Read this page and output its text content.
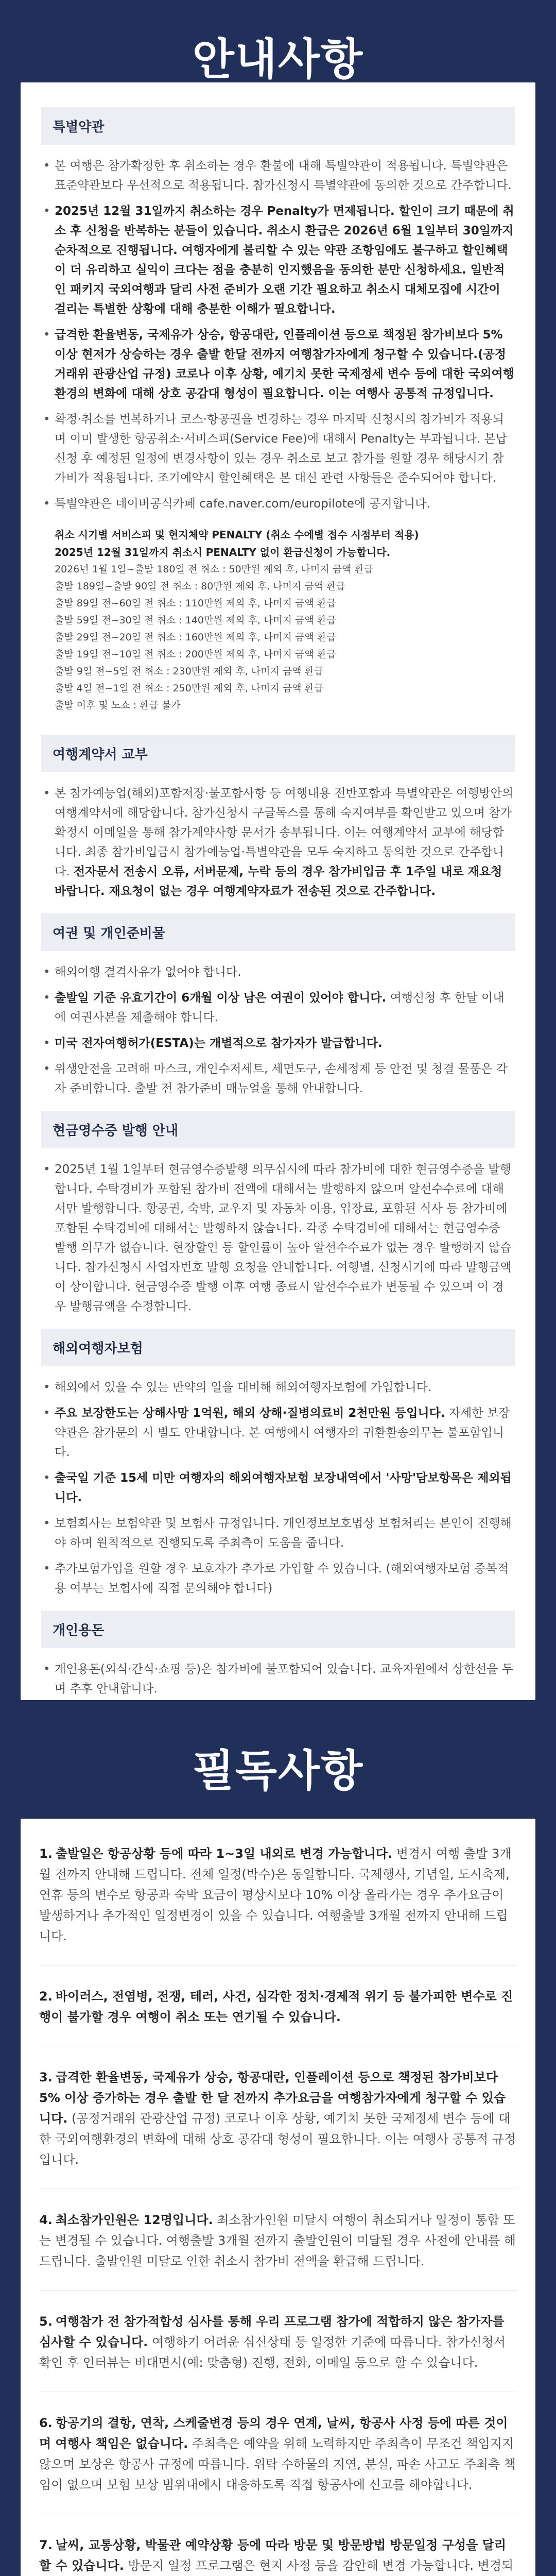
안내사항
특별약관
• 본 여행은 참가확정한 후 취소하는 경우 환불에 대해 특별약관이 적용됩니다. 특별약관은 표준약관보다 우선적으로 적용됩니다. 참가신청시 특별약관에 동의한 것으로 간주합니다.
• 2025년 12월 31일까지 취소하는 경우 Penalty가 면제됩니다. 할인이 크기 때문에 취소 후 신청을 반복하는 분들이 있습니다. 취소시 환급은 2026년 6월 1일부터 30일까지 순차적으로 진행됩니다. 여행자에게 불리할 수 있는 약관 조항임에도 불구하고 할인혜택이 더 유리하고 실익이 크다는 점을 충분히 인지했음을 동의한 분만 신청하세요. 일반적인 패키지 국외여행과 달리 사전 준비가 오랜 기간 필요하고 취소시 대체모집에 시간이 걸리는 특별한 상황에 대해 충분한 이해가 필요합니다.
• 급격한 환율변동, 국제유가 상승, 항공대란, 인플레이션 등으로 책정된 참가비보다 5% 이상 현저가 상승하는 경우 출발 한달 전까지 여행참가자에게 청구할 수 있습니다.(공정거래위 관광산업 규정) 코로나 이후 상황, 예기치 못한 국제정세 변수 등에 대한 국외여행환경의 변화에 대해 상호 공감대 형성이 필요합니다. 이는 여행사 공통적 규정입니다.
• 확정·취소를 번복하거나 코스·항공권을 변경하는 경우 마지막 신청시의 참가비가 적용되며 이미 발생한 항공취소·서비스피(Service Fee)에 대해서 Penalty는 부과됩니다. 본납신청 후 예정된 일정에 변경사항이 있는 경우 취소로 보고 참가를 원할 경우 해당시기 참가비가 적용됩니다. 조기예약시 할인혜택은 본 대신 관련 사항들은 준수되어야 합니다.
• 특별약관은 네이버공식카페 cafe.naver.com/europilote에 공지합니다.
취소 시기별 서비스피 및 현지체약 PENALTY (취소 수에별 접수 시점부터 적용)
2025년 12월 31일까지 취소시 PENALTY 없이 환급신청이 가능합니다.
2026년 1월 1일~출발 180일 전 취소 : 50만원 제외 후, 나머지 금액 환급
출발 189일~출발 90일 전 취소 : 80만원 제외 후, 나머지 금액 환급
출발 89일 전~60일 전 취소 : 110만원 제외 후, 나머지 금액 환급
출발 59일 전~30일 전 취소 : 140만원 제외 후, 나머지 금액 환급
출발 29일 전~20일 전 취소 : 160만원 제외 후, 나머지 금액 환급
출발 19일 전~10일 전 취소 : 200만원 제외 후, 나머지 금액 환급
출발 9일 전~5일 전 취소 : 230만원 제외 후, 나머지 금액 환급
출발 4일 전~1일 전 취소 : 250만원 제외 후, 나머지 금액 환급
출발 이후 및 노쇼 : 환급 불가
여행계약서 교부
• 본 참가예능업(해외)포함저장·불포함사항 등 여행내용 전반포함과 특별약관은 여행방안의 여행계약서에 해당합니다. 참가신청시 구글독스를 통해 숙지여부를 확인받고 있으며 참가확정시 이메일을 통해 참가계약사항 문서가 송부됩니다. 이는 여행계약서 교부에 해당합니다. 최종 참가비입금시 참가예능업·특별약관을 모두 숙지하고 동의한 것으로 간주합니다. 전자문서 전송시 오류, 서버문제, 누락 등의 경우 참가비입금 후 1주일 내로 재요청 바랍니다. 재요청이 없는 경우 여행계약자료가 전송된 것으로 간주합니다.
여권 및 개인준비물
• 해외여행 결격사유가 없어야 합니다.
• 출발일 기준 유효기간이 6개월 이상 남은 여권이 있어야 합니다. 여행신청 후 한달 이내에 여권사본을 제출해야 합니다.
• 미국 전자여행허가(ESTA)는 개별적으로 참가자가 발급합니다.
• 위생안전을 고려해 마스크, 개인수저세트, 세면도구, 손세정제 등 안전 및 청결 물품은 각자 준비합니다. 출발 전 참가준비 매뉴얼을 통해 안내합니다.
현금영수증 발행 안내
• 2025년 1월 1일부터 현금영수증발행 의무십시에 따라 참가비에 대한 현금영수증을 발행합니다. 수탁경비가 포함된 참가비 전액에 대해서는 발행하지 않으며 알선수수료에 대해서만 발행합니다. 항공권, 숙박, 교우지 및 자동차 이용, 입장료, 포함된 식사 등 참가비에 포함된 수탁경비에 대해서는 발행하지 않습니다. 각종 수탁경비에 대해서는 현금영수증 발행 의무가 없습니다. 현장할인 등 할인률이 높아 알선수수료가 없는 경우 발행하지 않습니다. 참가신청시 사업자번호 발행 요청을 안내합니다. 여행별, 신청시기에 따라 발행금액이 상이합니다. 현금영수증 발행 이후 여행 종료시 알선수수료가 변동될 수 있으며 이 경우 발행금액을 수정합니다.
해외여행자보험
• 해외에서 있을 수 있는 만약의 일을 대비해 해외여행자보험에 가입합니다.
• 주요 보장한도는 상해사망 1억원, 해외 상해·질병의료비 2천만원 등입니다. 자세한 보장약관은 참가문의 시 별도 안내합니다. 본 여행에서 여행자의 귀환환송의무는 불포함입니다.
• 출국일 기준 15세 미만 여행자의 해외여행자보험 보장내역에서 '사망'담보항목은 제외됩니다.
• 보험회사는 보험약관 및 보험사 규정입니다. 개인정보보호법상 보험처리는 본인이 진행해야 하며 원칙적으로 진행되도록 주최측이 도움을 줍니다.
• 추가보험가입을 원할 경우 보호자가 추가로 가입할 수 있습니다. (해외여행자보험 중복적용 여부는 보험사에 직접 문의해야 합니다)
개인용돈
• 개인용돈(외식·간식·쇼핑 등)은 참가비에 불포함되어 있습니다. 교육자원에서 상한선을 두며 추후 안내합니다.
필독사항
1. 출발일은 항공상황 등에 따라 1~3일 내외로 변경 가능합니다. 변경시 여행 출발 3개월 전까지 안내해 드립니다. 전체 일정(박수)은 동일합니다. 국제행사, 기념일, 도시축제, 연휴 등의 변수로 항공과 숙박 요금이 평상시보다 10% 이상 올라가는 경우 추가요금이 발생하거나 추가적인 일정변경이 있을 수 있습니다. 여행출발 3개월 전까지 안내해 드립니다.
2. 바이러스, 전염병, 전쟁, 테러, 사건, 심각한 정치·경제적 위기 등 불가피한 변수로 진행이 불가할 경우 여행이 취소 또는 연기될 수 있습니다.
3. 급격한 환율변동, 국제유가 상승, 항공대란, 인플레이션 등으로 책정된 참가비보다 5% 이상 증가하는 경우 출발 한 달 전까지 추가요금을 여행참가자에게 청구할 수 있습니다. (공정거래위 관광산업 규정) 코로나 이후 상황, 예기치 못한 국제정세 변수 등에 대한 국외여행환경의 변화에 대해 상호 공감대 형성이 필요합니다. 이는 여행사 공통적 규정입니다.
4. 최소참가인원은 12명입니다. 최소참가인원 미달시 여행이 취소되거나 일정이 통합 또는 변경될 수 있습니다. 여행출발 3개월 전까지 출발인원이 미달될 경우 사전에 안내를 해드립니다. 출발인원 미달로 인한 취소시 참가비 전액을 환급해 드립니다.
5. 여행참가 전 참가적합성 심사를 통해 우리 프로그램 참가에 적합하지 않은 참가자를 심사할 수 있습니다. 여행하기 어려운 심신상태 등 일정한 기준에 따릅니다. 참가신청서 확인 후 인터뷰는 비대면시(예: 맞춤형) 진행, 전화, 이메일 등으로 할 수 있습니다.
6. 항공기의 결항, 연착, 스케줄변경 등의 경우 연계, 날씨, 항공사 사정 등에 따른 것이며 여행사 책임은 없습니다. 주최측은 예약을 위해 노력하지만 주최측이 무조건 책임지지 않으며 보상은 항공사 규정에 따릅니다. 위탁 수하물의 지연, 분실, 파손 사고도 주최측 책임이 없으며 보험 보상 범위내에서 대응하도록 직접 항공사에 신고를 해야합니다.
7. 날씨, 교통상황, 박물관 예약상황 등에 따라 방문 및 방문방법 방문일정 구성을 달리할 수 있습니다. 방문지 일정 프로그램은 현지 사정 등을 감안해 변경 가능합니다. 변경되
